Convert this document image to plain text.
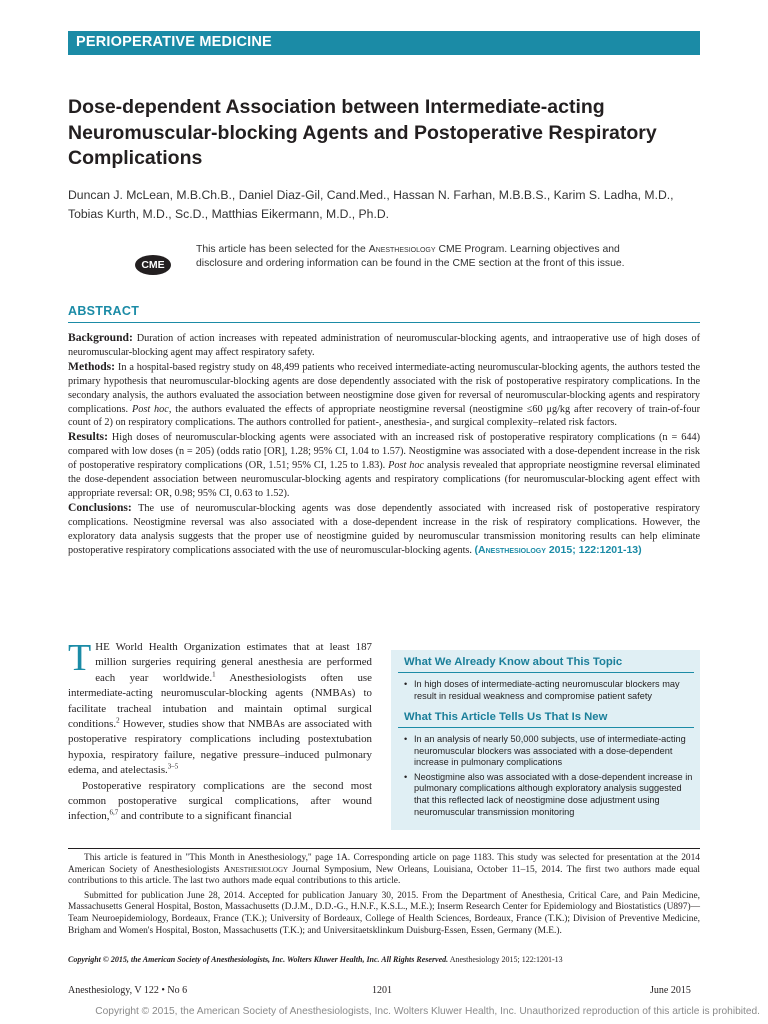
PERIOPERATIVE MEDICINE
Dose-dependent Association between Intermediate-acting Neuromuscular-blocking Agents and Postoperative Respiratory Complications
Duncan J. McLean, M.B.Ch.B., Daniel Diaz-Gil, Cand.Med., Hassan N. Farhan, M.B.B.S., Karim S. Ladha, M.D., Tobias Kurth, M.D., Sc.D., Matthias Eikermann, M.D., Ph.D.
CME
This article has been selected for the Anesthesiology CME Program. Learning objectives and disclosure and ordering information can be found in the CME section at the front of this issue.
ABSTRACT

Background: Duration of action increases with repeated administration of neuromuscular-blocking agents, and intraoperative use of high doses of neuromuscular-blocking agent may affect respiratory safety.

Methods: In a hospital-based registry study on 48,499 patients who received intermediate-acting neuromuscular-blocking agents, the authors tested the primary hypothesis that neuromuscular-blocking agents are dose dependently associated with the risk of postoperative respiratory complications. In the secondary analysis, the authors evaluated the association between neostigmine dose given for reversal of neuromuscular-blocking agents and respiratory complications. Post hoc, the authors evaluated the effects of appropriate neostigmine reversal (neostigmine ≤60 μg/kg after recovery of train-of-four count of 2) on respiratory complications. The authors controlled for patient-, anesthesia-, and surgical complexity–related risk factors.

Results: High doses of neuromuscular-blocking agents were associated with an increased risk of postoperative respiratory complications (n = 644) compared with low doses (n = 205) (odds ratio [OR], 1.28; 95% CI, 1.04 to 1.57). Neostigmine was associated with a dose-dependent increase in the risk of postoperative respiratory complications (OR, 1.51; 95% CI, 1.25 to 1.83). Post hoc analysis revealed that appropriate neostigmine reversal eliminated the dose-dependent association between neuromuscular-blocking agents and respiratory complications (for neuromuscular-blocking agent effect with appropriate reversal: OR, 0.98; 95% CI, 0.63 to 1.52).

Conclusions: The use of neuromuscular-blocking agents was dose dependently associated with increased risk of postoperative respiratory complications. Neostigmine reversal was also associated with a dose-dependent increase in the risk of respiratory complications. However, the exploratory data analysis suggests that the proper use of neostigmine guided by neuromuscular transmission monitoring results can help eliminate postoperative respiratory complications associated with the use of neuromuscular-blocking agents. (Anesthesiology 2015; 122:1201-13)

THE World Health Organization estimates that at least 187 million surgeries requiring general anesthesia are performed each year worldwide.$^1$ Anesthesiologists often use intermediate-acting neuromuscular-blocking agents (NMBAs) to facilitate tracheal intubation and maintain optimal surgical conditions.$^2$ However, studies show that NMBAs are associated with postoperative respiratory complications including postextubation hypoxia, respiratory failure, negative pressure–induced pulmonary edema, and atelectasis.$^{3-5}$

Postoperative respiratory complications are the second most common postoperative surgical complications, after wound infection,$^{6,7}$ and contribute to a significant financial

What We Already Know about This Topic
• In high doses of intermediate-acting neuromuscular blockers may result in residual weakness and compromise patient safety
What This Article Tells Us That Is New
• In an analysis of nearly 50,000 subjects, use of intermediate-acting neuromuscular blockers was associated with a dose-dependent increase in pulmonary complications
• Neostigmine also was associated with a dose-dependent increase in pulmonary complications although exploratory analysis suggested that this reflected lack of neostigmine dose adjustment using neuromuscular transmission monitoring

This article is featured in "This Month in Anesthesiology," page 1A. Corresponding article on page 1183. This study was selected for presentation at the 2014 American Society of Anesthesiologists Anesthesiology Journal Symposium, New Orleans, Louisiana, October 11–15, 2014. The first two authors made equal contributions to this article. The last two authors made equal contributions to this article.

Submitted for publication June 28, 2014. Accepted for publication January 30, 2015. From the Department of Anesthesia, Critical Care, and Pain Medicine, Massachusetts General Hospital, Boston, Massachusetts (D.J.M., D.D.-G., H.N.F., K.S.L., M.E.); Inserm Research Center for Epidemiology and Biostatistics (U897)—Team Neuroepidemiology, Bordeaux, France (T.K.); University of Bordeaux, College of Health Sciences, Bordeaux, France (T.K.); Division of Preventive Medicine, Brigham and Women's Hospital, Boston, Massachusetts (T.K.); and Universitaetsklinkum Duisburg-Essen, Essen, Germany (M.E.).

Copyright © 2015, the American Society of Anesthesiologists, Inc. Wolters Kluwer Health, Inc. All Rights Reserved. Anesthesiology 2015; 122:1201-13
Anesthesiology, V 122 • No 6	1201	June 2015
Copyright © 2015, the American Society of Anesthesiologists, Inc. Wolters Kluwer Health, Inc. Unauthorized reproduction of this article is prohibited.
